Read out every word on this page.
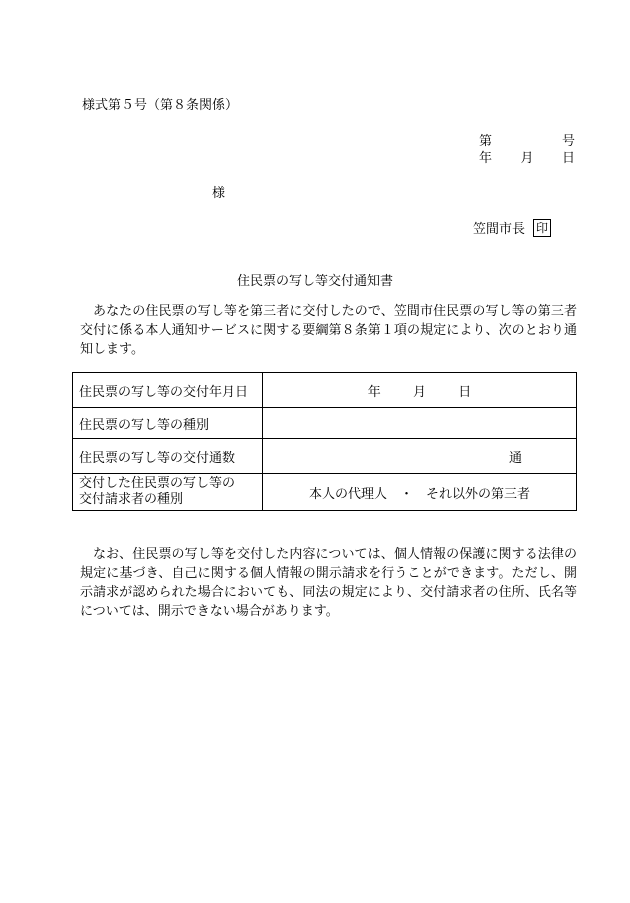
様式第５号（第８条関係）
第	号
年 月 日
様
笠間市長 印
住民票の写し等交付通知書
あなたの住民票の写し等を第三者に交付したので、笠間市住民票の写し等の第三者交付に係る本人通知サービスに関する要綱第８条第１項の規定により、次のとおり通知します。
住民票の写し等の交付年月日	年 月 日
住民票の写し等の種別	
住民票の写し等の交付通数	通

交付した住民票の写し等の
交付請求者の種別	本人の代理人　・　それ以外の第三者
なお、住民票の写し等を交付した内容については、個人情報の保護に関する法律の規定に基づき、自己に関する個人情報の開示請求を行うことができます。ただし、開示請求が認められた場合においても、同法の規定により、交付請求者の住所、氏名等については、開示できない場合があります。
